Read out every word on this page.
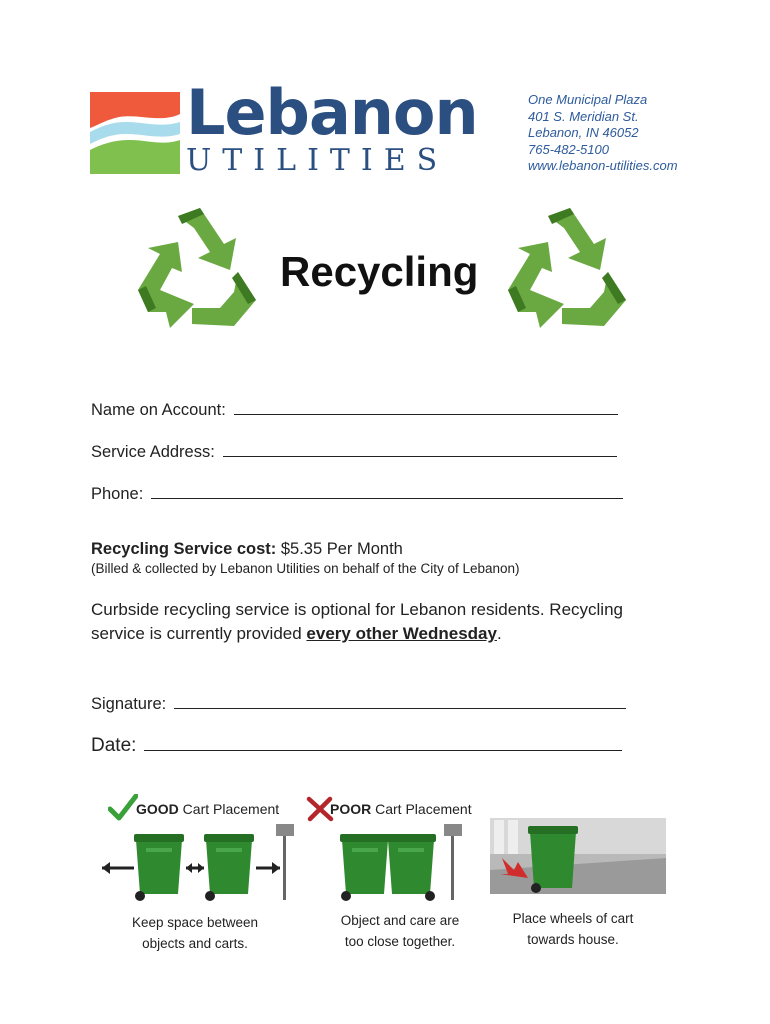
Lebanon
UTILITIES
One Municipal Plaza
401 S. Meridian St.
Lebanon, IN 46052
765-482-5100
www.lebanon-utilities.com
Recycling
Name on Account:
Service Address:
Phone:
Recycling Service cost: $5.35 Per Month
(Billed & collected by Lebanon Utilities on behalf of the City of Lebanon)
Curbside recycling service is optional for Lebanon residents. Recycling service is currently provided every other Wednesday.
Signature:
Date:
GOOD Cart Placement
Keep space between
objects and carts.
POOR Cart Placement
Object and care are
too close together.
Place wheels of cart
towards house.
